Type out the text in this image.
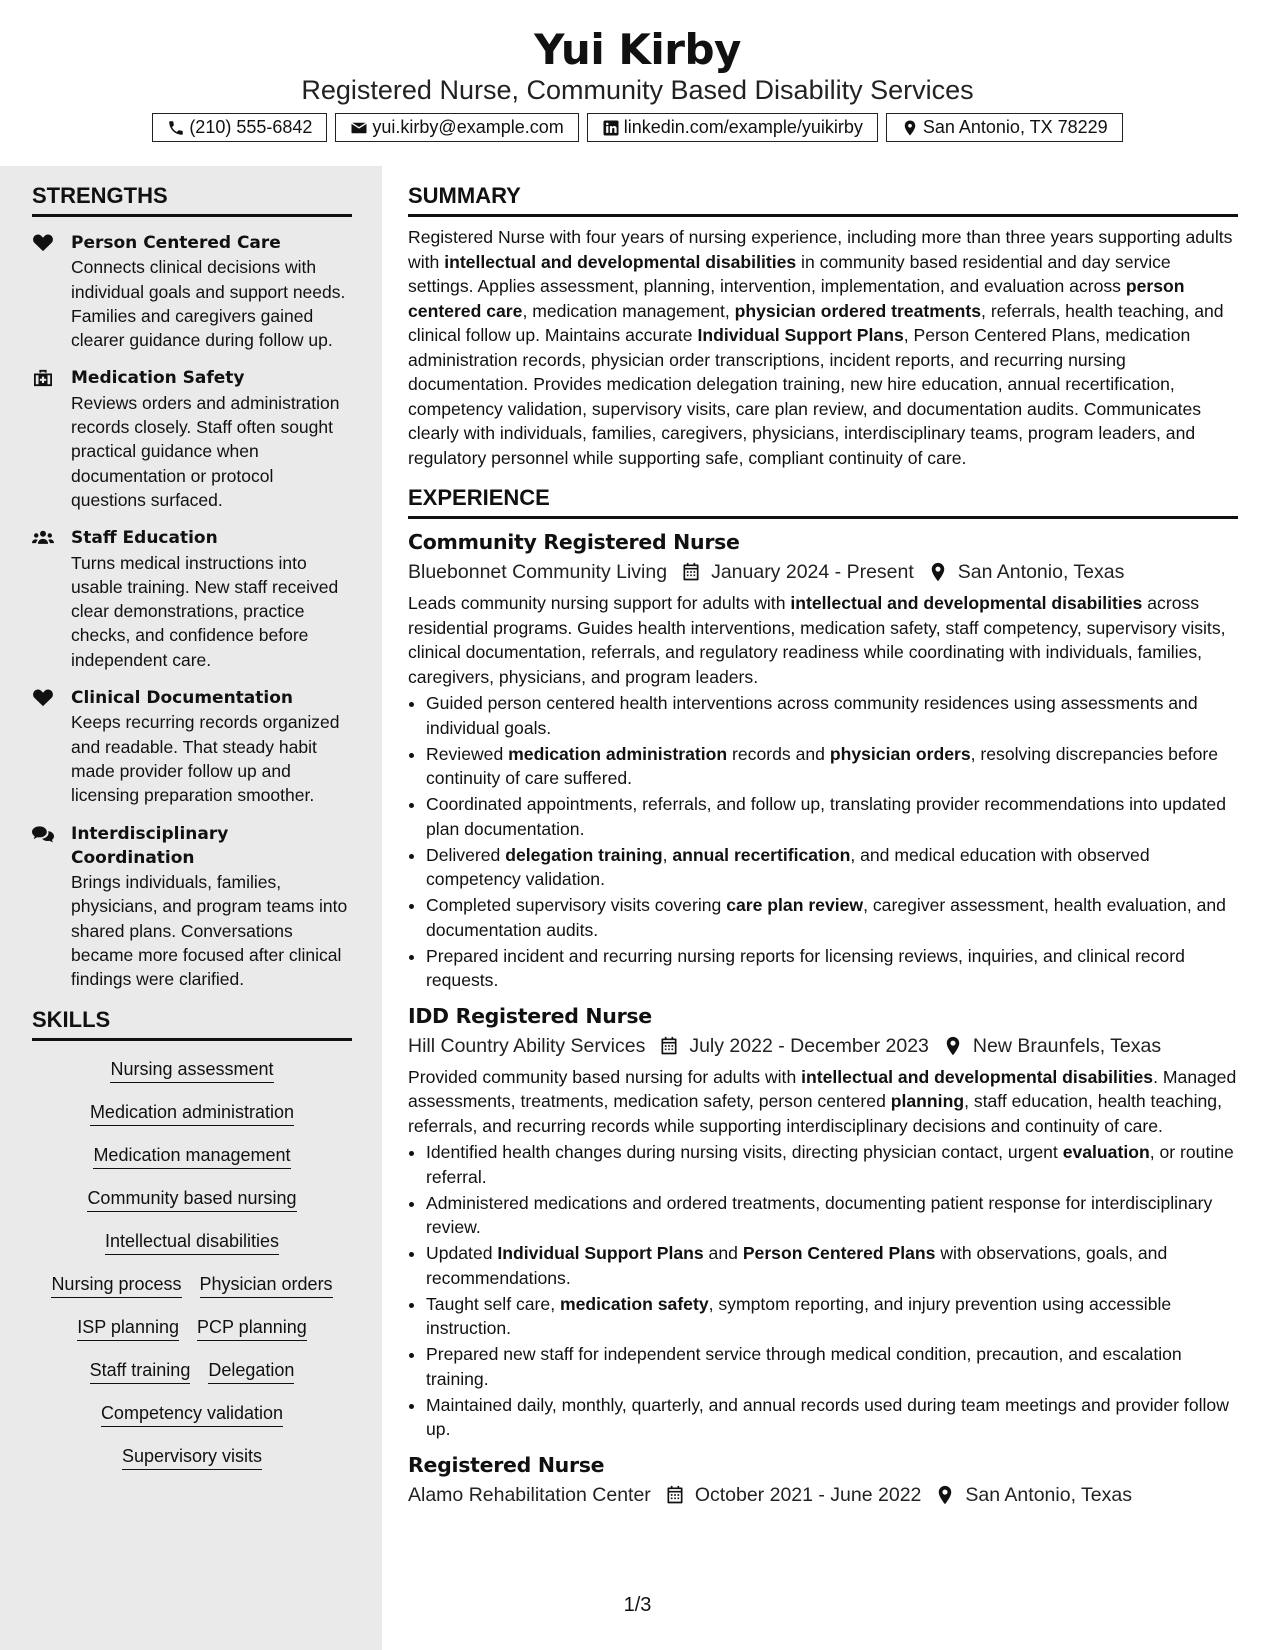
Yui Kirby
Registered Nurse, Community Based Disability Services
(210) 555-6842	yui.kirby@example.com	linkedin.com/example/yuikirby	San Antonio, TX 78229
STRENGTHS
Person Centered Care
Connects clinical decisions with individual goals and support needs. Families and caregivers gained clearer guidance during follow up.
Medication Safety
Reviews orders and administration records closely. Staff often sought practical guidance when documentation or protocol questions surfaced.
Staff Education
Turns medical instructions into usable training. New staff received clear demonstrations, practice checks, and confidence before independent care.
Clinical Documentation
Keeps recurring records organized and readable. That steady habit made provider follow up and licensing preparation smoother.
Interdisciplinary Coordination
Brings individuals, families, physicians, and program teams into shared plans. Conversations became more focused after clinical findings were clarified.
SKILLS
Nursing assessment
Medication administration
Medication management
Community based nursing
Intellectual disabilities
Nursing process Physician orders
ISP planning PCP planning
Staff training Delegation
Competency validation
Supervisory visits
SUMMARY
Registered Nurse with four years of nursing experience, including more than three years supporting adults with intellectual and developmental disabilities in community based residential and day service settings. Applies assessment, planning, intervention, implementation, and evaluation across person centered care, medication management, physician ordered treatments, referrals, health teaching, and clinical follow up. Maintains accurate Individual Support Plans, Person Centered Plans, medication administration records, physician order transcriptions, incident reports, and recurring nursing documentation. Provides medication delegation training, new hire education, annual recertification, competency validation, supervisory visits, care plan review, and documentation audits. Communicates clearly with individuals, families, caregivers, physicians, interdisciplinary teams, program leaders, and regulatory personnel while supporting safe, compliant continuity of care.
EXPERIENCE
Community Registered Nurse
Bluebonnet Community Living January 2024 - Present San Antonio, Texas
Leads community nursing support for adults with intellectual and developmental disabilities across residential programs. Guides health interventions, medication safety, staff competency, supervisory visits, clinical documentation, referrals, and regulatory readiness while coordinating with individuals, families, caregivers, physicians, and program leaders.
• Guided person centered health interventions across community residences using assessments and individual goals.
• Reviewed medication administration records and physician orders, resolving discrepancies before continuity of care suffered.
• Coordinated appointments, referrals, and follow up, translating provider recommendations into updated plan documentation.
• Delivered delegation training, annual recertification, and medical education with observed competency validation.
• Completed supervisory visits covering care plan review, caregiver assessment, health evaluation, and documentation audits.
• Prepared incident and recurring nursing reports for licensing reviews, inquiries, and clinical record requests.
IDD Registered Nurse
Hill Country Ability Services July 2022 - December 2023 New Braunfels, Texas
Provided community based nursing for adults with intellectual and developmental disabilities. Managed assessments, treatments, medication safety, person centered planning, staff education, health teaching, referrals, and recurring records while supporting interdisciplinary decisions and continuity of care.
• Identified health changes during nursing visits, directing physician contact, urgent evaluation, or routine referral.
• Administered medications and ordered treatments, documenting patient response for interdisciplinary review.
• Updated Individual Support Plans and Person Centered Plans with observations, goals, and recommendations.
• Taught self care, medication safety, symptom reporting, and injury prevention using accessible instruction.
• Prepared new staff for independent service through medical condition, precaution, and escalation training.
• Maintained daily, monthly, quarterly, and annual records used during team meetings and provider follow up.
Registered Nurse
Alamo Rehabilitation Center October 2021 - June 2022 San Antonio, Texas
1/3
